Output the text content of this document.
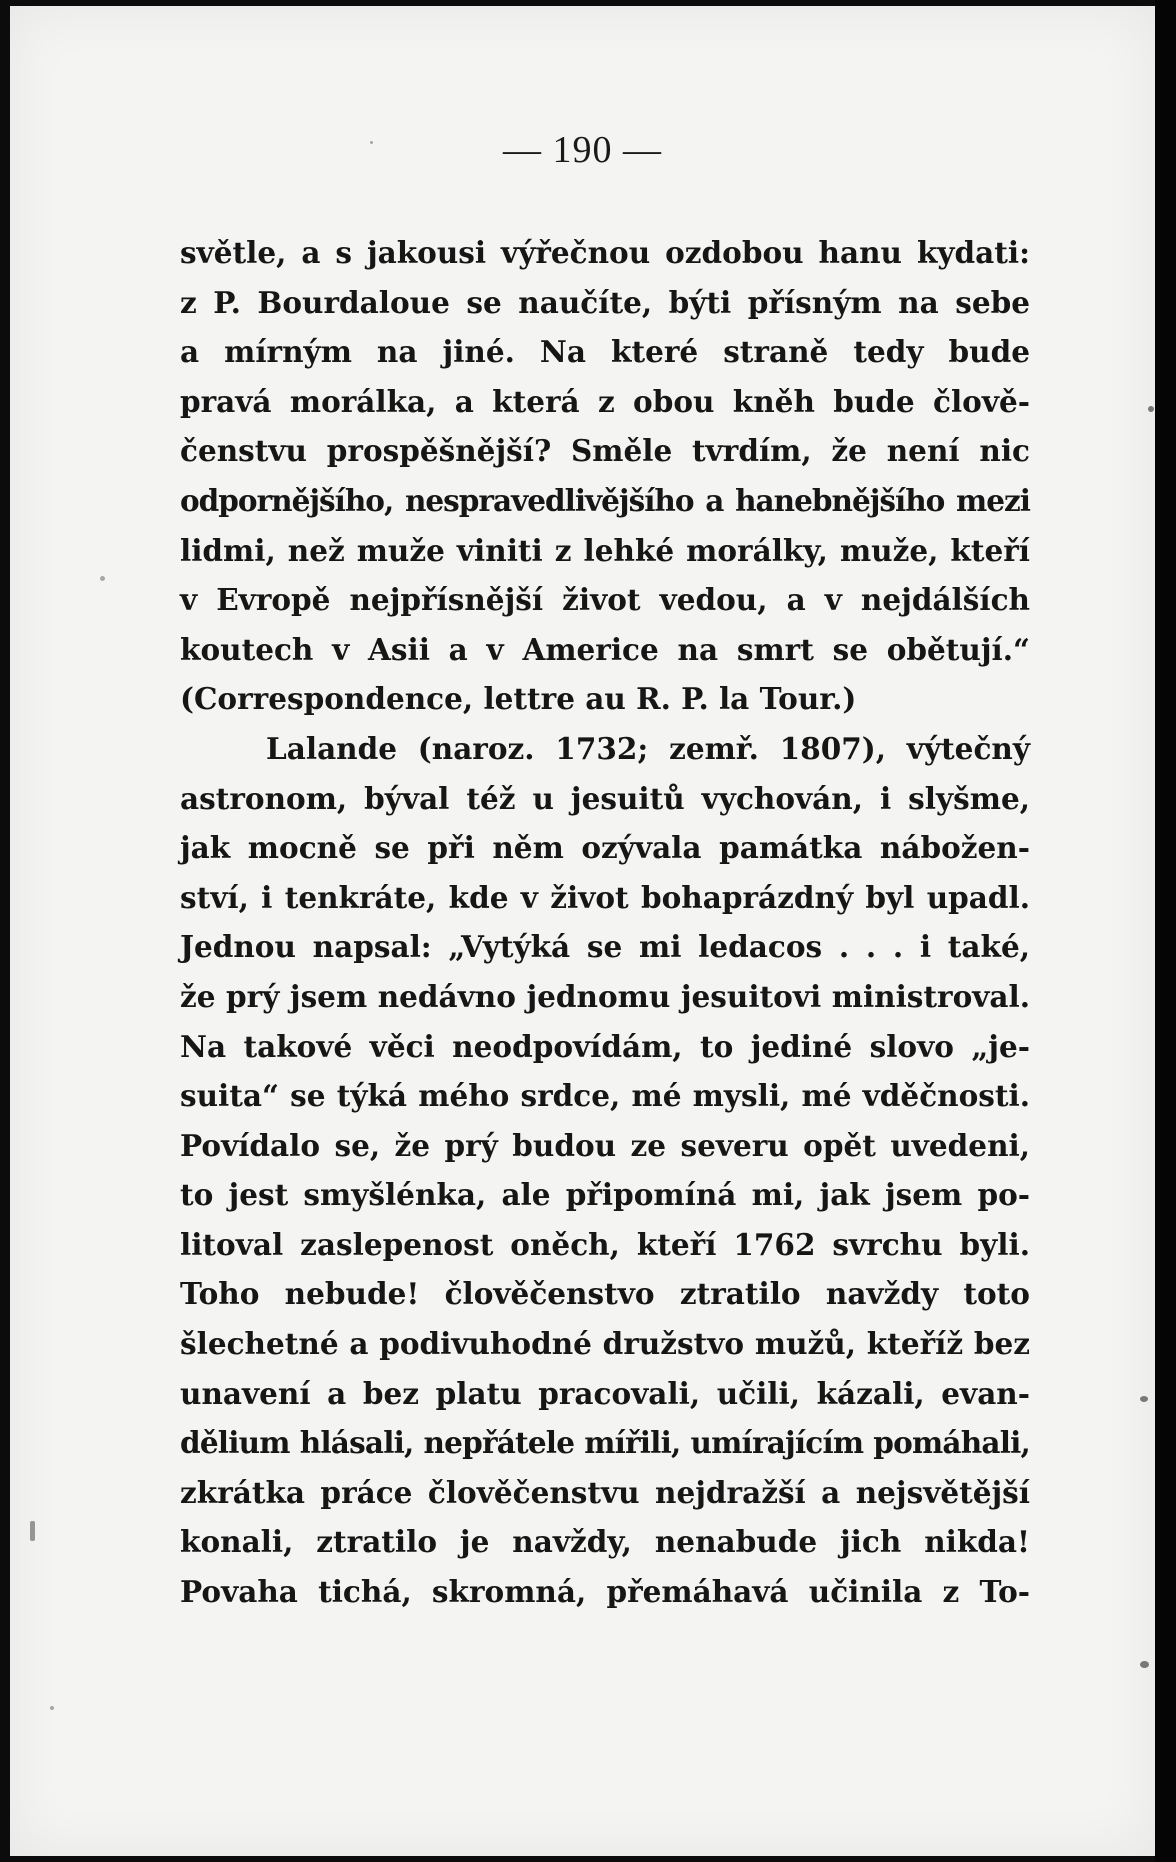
— 190 —
světle, a s jakousi výřečnou ozdobou hanu kydati:
z P. Bourdaloue se naučíte, býti přísným na sebe
a mírným na jiné. Na které straně tedy bude
pravá morálka, a která z obou kněh bude člově-
čenstvu prospěšnější? Směle tvrdím, že není nic
odpornějšího, nespravedlivějšího a hanebnějšího mezi
lidmi, než muže viniti z lehké morálky, muže, kteří
v Evropě nejpřísnější život vedou, a v nejdálších
koutech v Asii a v Americe na smrt se obětují.“
(Correspondence, lettre au R. P. la Tour.)
Lalande (naroz. 1732; zemř. 1807), výtečný
astronom, býval též u jesuitů vychován, i slyšme,
jak mocně se při něm ozývala památka nábožen-
ství, i tenkráte, kde v život bohaprázdný byl upadl.
Jednou napsal: „Vytýká se mi ledacos . . . i také,
že prý jsem nedávno jednomu jesuitovi ministroval.
Na takové věci neodpovídám, to jediné slovo „je-
suita“ se týká mého srdce, mé mysli, mé vděčnosti.
Povídalo se, že prý budou ze severu opět uvedeni,
to jest smyšlénka, ale připomíná mi, jak jsem po-
litoval zaslepenost oněch, kteří 1762 svrchu byli.
Toho nebude! člověčenstvo ztratilo navždy toto
šlechetné a podivuhodné družstvo mužů, kteříž bez
unavení a bez platu pracovali, učili, kázali, evan-
dělium hlásali, nepřátele mířili, umírajícím pomáhali,
zkrátka práce člověčenstvu nejdražší a nejsvětější
konali, ztratilo je navždy, nenabude jich nikda!
Povaha tichá, skromná, přemáhavá učinila z To-
